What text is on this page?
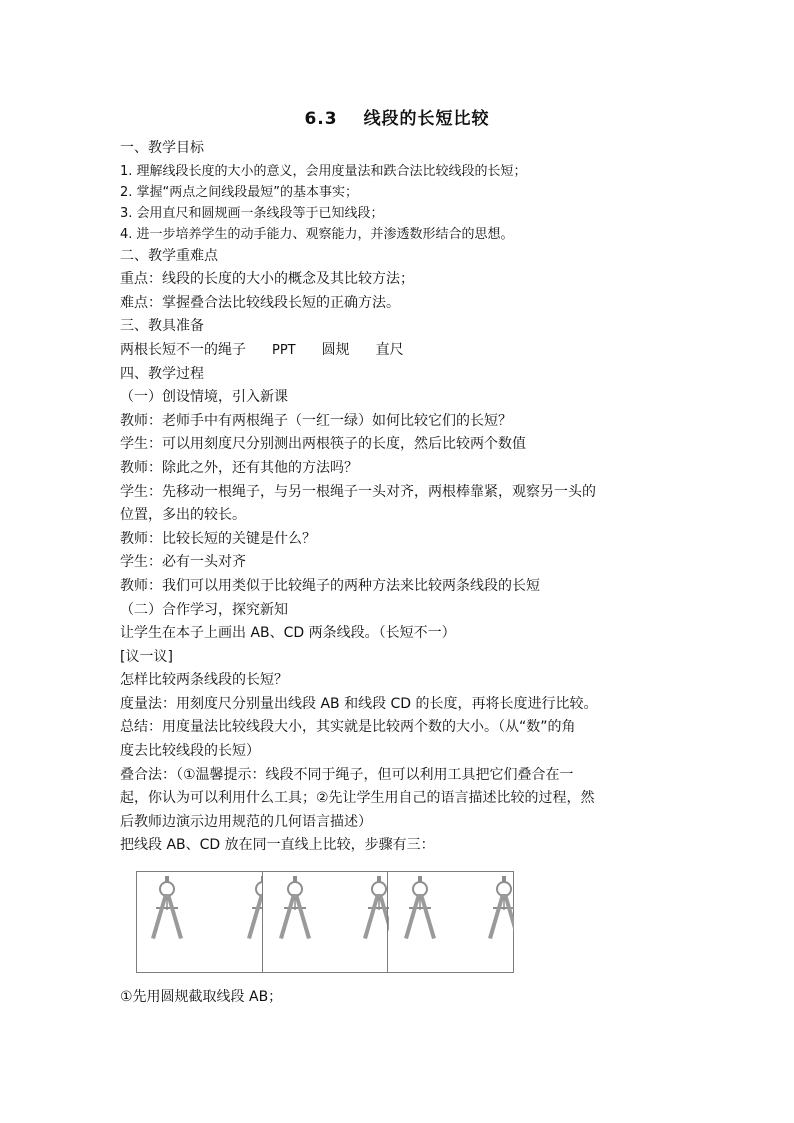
6.3 线段的长短比较

一、教学目标

1. 理解线段长度的大小的意义，会用度量法和跌合法比较线段的长短；

2. 掌握“两点之间线段最短”的基本事实；

3. 会用直尺和圆规画一条线段等于已知线段；

4. 进一步培养学生的动手能力、观察能力，并渗透数形结合的思想。

二、教学重难点

重点：线段的长度的大小的概念及其比较方法；

难点：掌握叠合法比较线段长短的正确方法。

三、教具准备

两根长短不一的绳子 PPT 圆规 直尺

四、教学过程

（一）创设情境，引入新课

教师：老师手中有两根绳子（一红一绿）如何比较它们的长短？

学生：可以用刻度尺分别测出两根筷子的长度，然后比较两个数值

教师：除此之外，还有其他的方法吗？

学生：先移动一根绳子，与另一根绳子一头对齐，两根棒靠紧，观察另一头的

位置，多出的较长。

教师：比较长短的关键是什么？

学生：必有一头对齐

教师：我们可以用类似于比较绳子的两种方法来比较两条线段的长短

（二）合作学习，探究新知

让学生在本子上画出 AB、CD 两条线段。（长短不一）

[议一议]

怎样比较两条线段的长短？

度量法：用刻度尺分别量出线段 AB 和线段 CD 的长度，再将长度进行比较。

总结：用度量法比较线段大小，其实就是比较两个数的大小。（从“数”的角

度去比较线段的长短）

叠合法：（①温馨提示：线段不同于绳子，但可以利用工具把它们叠合在一

起，你认为可以利用什么工具；②先让学生用自己的语言描述比较的过程，然

后教师边演示边用规范的几何语言描述）

把线段 AB、CD 放在同一直线上比较，步骤有三：

①先用圆规截取线段 AB；
